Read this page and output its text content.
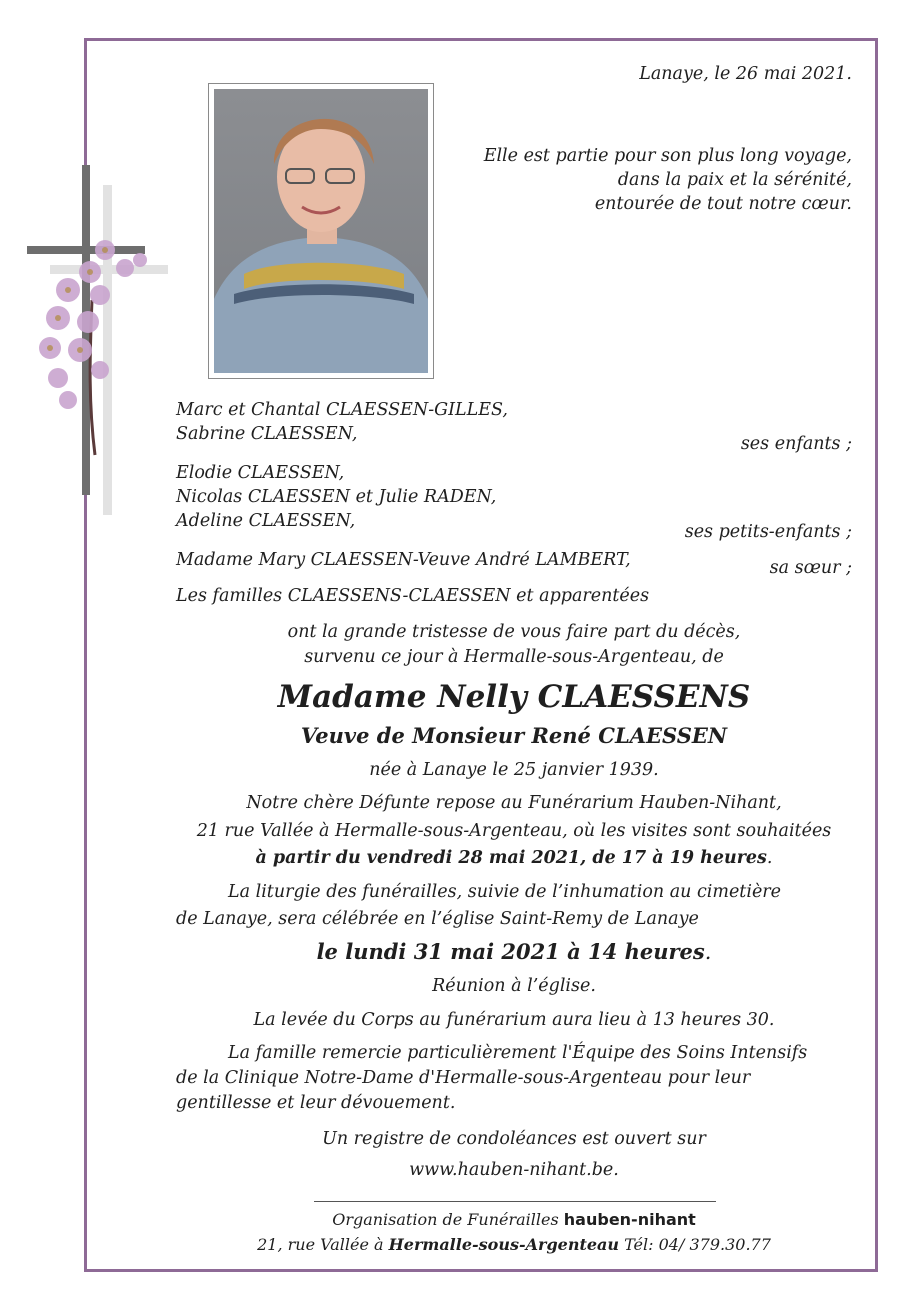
Lanaye, le 26 mai 2021.
Elle est partie pour son plus long voyage,
dans la paix et la sérénité,
entourée de tout notre cœur.
Marc et Chantal CLAESSEN-GILLES,
Sabrine CLAESSEN,	ses enfants ;
Elodie CLAESSEN,
Nicolas CLAESSEN et Julie RADEN,
Adeline CLAESSEN,
ses petits-enfants ;
Madame Mary CLAESSEN-Veuve André LAMBERT,	sa sœur ;
Les familles CLAESSENS-CLAESSEN et apparentées
ont la grande tristesse de vous faire part du décès,
survenu ce jour à Hermalle-sous-Argenteau, de
Madame Nelly CLAESSENS
Veuve de Monsieur René CLAESSEN
née à Lanaye le 25 janvier 1939.
Notre chère Défunte repose au Funérarium Hauben-Nihant,
21 rue Vallée à Hermalle-sous-Argenteau, où les visites sont souhaitées
à partir du vendredi 28 mai 2021, de 17 à 19 heures.
La liturgie des funérailles, suivie de l’inhumation au cimetière
de Lanaye, sera célébrée en l’église Saint-Remy de Lanaye
le lundi 31 mai 2021 à 14 heures.
Réunion à l’église.
La levée du Corps au funérarium aura lieu à 13 heures 30.
La famille remercie particulièrement l'Équipe des Soins Intensifs
de la Clinique Notre-Dame d'Hermalle-sous-Argenteau pour leur
gentillesse et leur dévouement.
Un registre de condoléances est ouvert sur
www.hauben-nihant.be.
Organisation de Funérailles hauben-nihant
21, rue Vallée à Hermalle-sous-Argenteau Tél: 04/ 379.30.77
